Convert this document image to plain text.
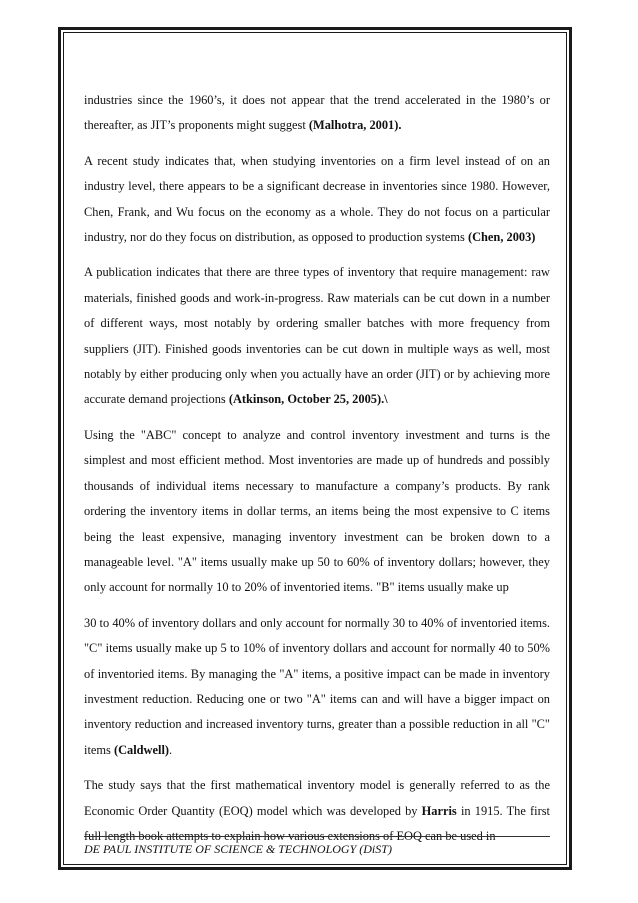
industries since the 1960’s, it does not appear that the trend accelerated in the 1980’s or thereafter, as JIT’s proponents might suggest (Malhotra, 2001).

A recent study indicates that, when studying inventories on a firm level instead of on an industry level, there appears to be a significant decrease in inventories since 1980. However, Chen, Frank, and Wu focus on the economy as a whole. They do not focus on a particular industry, nor do they focus on distribution, as opposed to production systems (Chen, 2003)

A publication indicates that there are three types of inventory that require management: raw materials, finished goods and work-in-progress. Raw materials can be cut down in a number of different ways, most notably by ordering smaller batches with more frequency from suppliers (JIT). Finished goods inventories can be cut down in multiple ways as well, most notably by either producing only when you actually have an order (JIT) or by achieving more accurate demand projections (Atkinson, October 25, 2005).\

Using the "ABC" concept to analyze and control inventory investment and turns is the simplest and most efficient method. Most inventories are made up of hundreds and possibly thousands of individual items necessary to manufacture a company’s products. By rank ordering the inventory items in dollar terms, an items being the most expensive to C items being the least expensive, managing inventory investment can be broken down to a manageable level. "A" items usually make up 50 to 60% of inventory dollars; however, they only account for normally 10 to 20% of inventoried items. "B" items usually make up

30 to 40% of inventory dollars and only account for normally 30 to 40% of inventoried items. "C" items usually make up 5 to 10% of inventory dollars and account for normally 40 to 50% of inventoried items. By managing the "A" items, a positive impact can be made in inventory investment reduction. Reducing one or two "A" items can and will have a bigger impact on inventory reduction and increased inventory turns, greater than a possible reduction in all "C" items (Caldwell).

The study says that the first mathematical inventory model is generally referred to as the Economic Order Quantity (EOQ) model which was developed by Harris in 1915. The first full length book attempts to explain how various extensions of EOQ can be used in

DE PAUL INSTITUTE OF SCIENCE & TECHNOLOGY (DiST)
